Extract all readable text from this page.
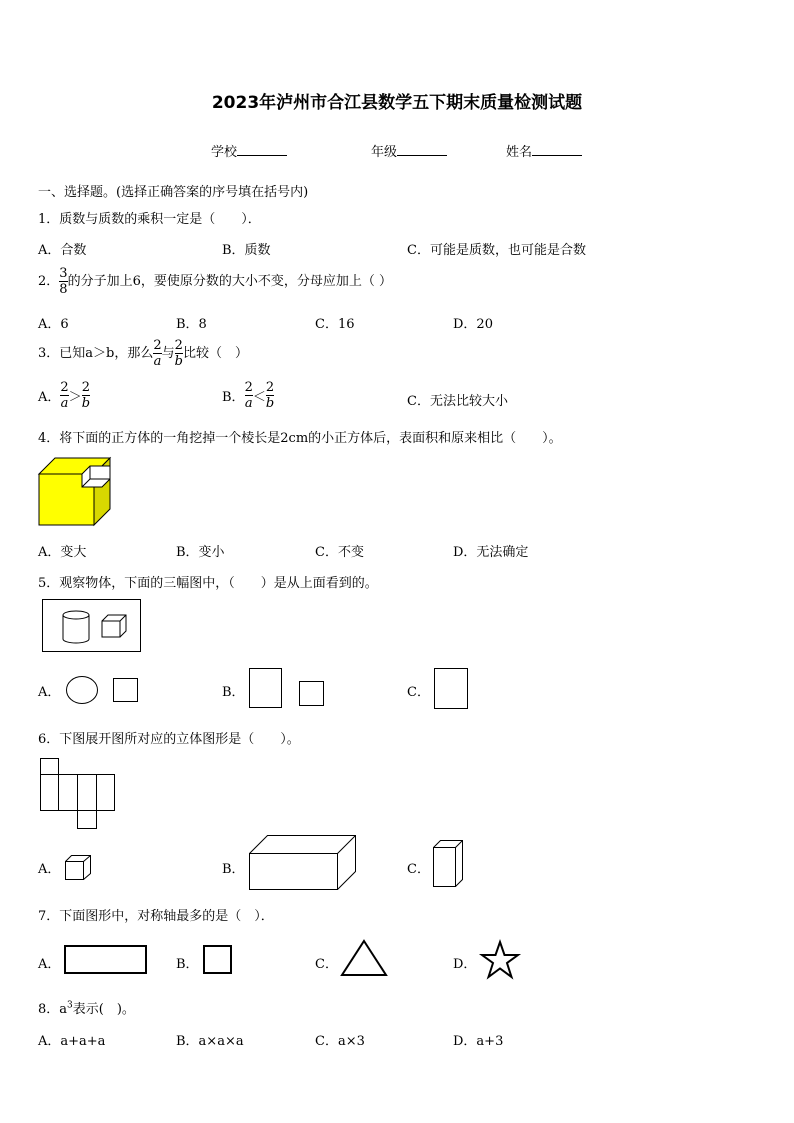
2023年泸州市合江县数学五下期末质量检测试题
学校	年级	姓名
一、选择题。(选择正确答案的序号填在括号内)
1．质数与质数的乘积一定是（　　）．
A．合数	B．质数	C．可能是质数，也可能是合数
2． $\frac{3}{8}$ 的分子加上6，要使原分数的大小不变，分母应加上（ ）
A．6	B．8	C．16	D．20
3．已知a＞b，那么 $\frac{2}{a}$ 与 $\frac{2}{b}$ 比较（　）
A． $\frac{2}{a} > \frac{2}{b}$	B． $\frac{2}{a} < \frac{2}{b}$	C．无法比较大小
4．将下面的正方体的一角挖掉一个棱长是2cm的小正方体后，表面积和原来相比（　　）。
A．变大	B．变小	C．不变	D．无法确定
5．观察物体，下面的三幅图中，（　　）是从上面看到的。
A．	B．	C．
6．下图展开图所对应的立体图形是（　　）。
A．	B．	C．
7．下面图形中，对称轴最多的是（　）．
A．	B．	C．	D．
8．$a^3$表示(　)。
A．a+a+a	B．a×a×a	C．a×3	D．a+3
